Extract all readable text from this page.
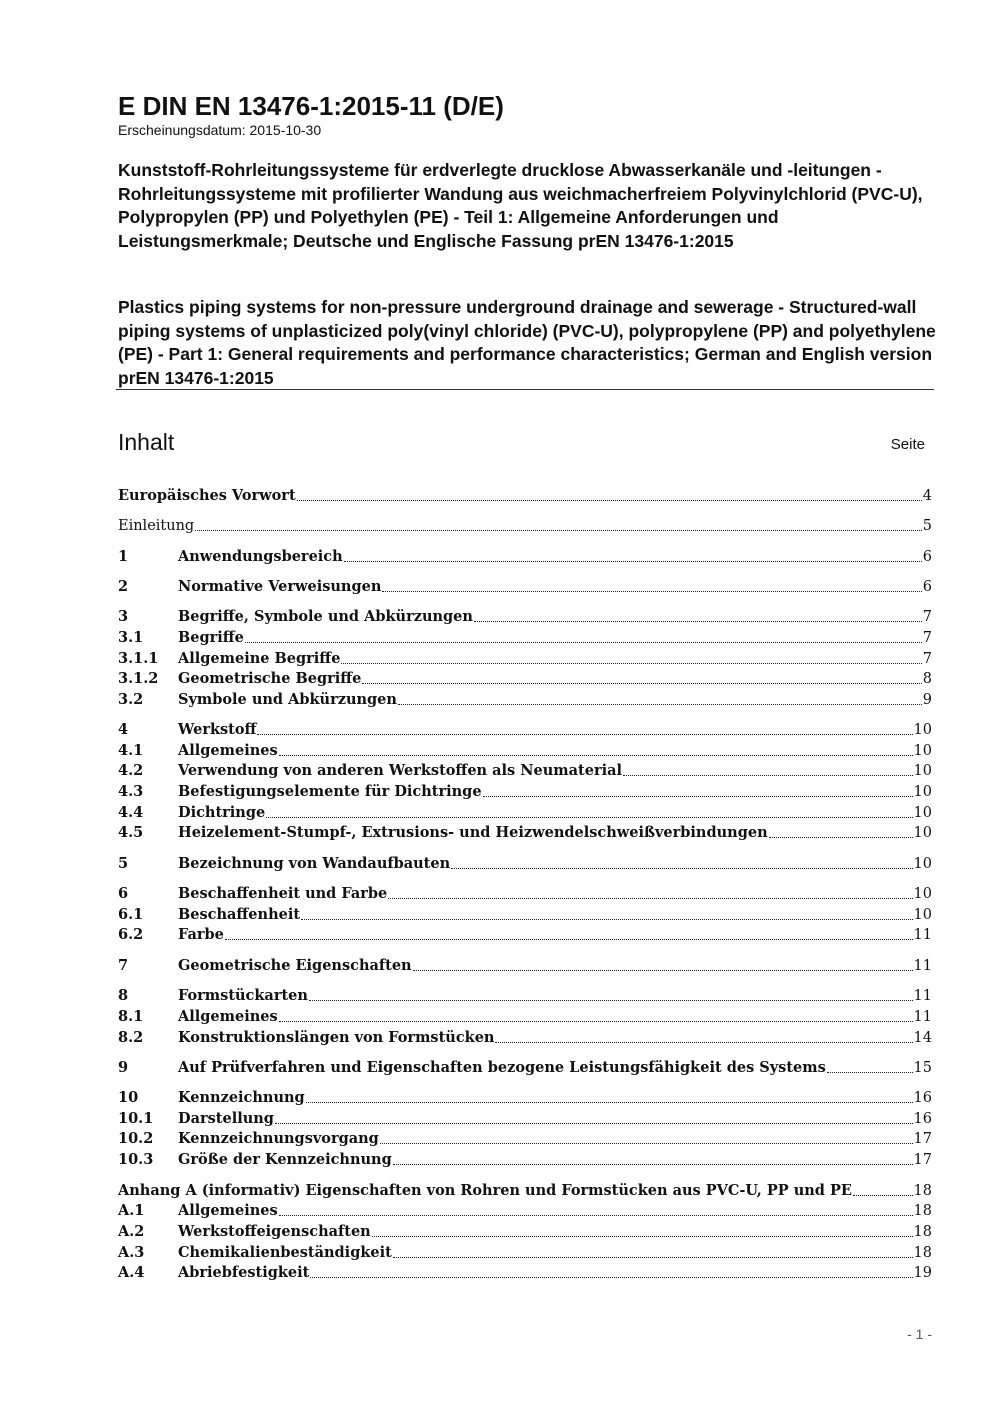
E DIN EN 13476-1:2015-11 (D/E)
Erscheinungsdatum: 2015-10-30

Kunststoff-Rohrleitungssysteme für erdverlegte drucklose Abwasserkanäle und -leitungen - Rohrleitungssysteme mit profilierter Wandung aus weichmacherfreiem Polyvinylchlorid (PVC-U), Polypropylen (PP) und Polyethylen (PE) - Teil 1: Allgemeine Anforderungen und Leistungsmerkmale; Deutsche und Englische Fassung prEN 13476-1:2015

Plastics piping systems for non-pressure underground drainage and sewerage - Structured-wall piping systems of unplasticized poly(vinyl chloride) (PVC-U), polypropylene (PP) and polyethylene (PE) - Part 1: General requirements and performance characteristics; German and English version prEN 13476-1:2015

Inhalt	Seite
Europäisches Vorwort	4
Einleitung	5
1	Anwendungsbereich	6
2	Normative Verweisungen	6
3	Begriffe, Symbole und Abkürzungen	7
3.1	Begriffe	7
3.1.1	Allgemeine Begriffe	7
3.1.2	Geometrische Begriffe	8
3.2	Symbole und Abkürzungen	9
4	Werkstoff	10
4.1	Allgemeines	10
4.2	Verwendung von anderen Werkstoffen als Neumaterial	10
4.3	Befestigungselemente für Dichtringe	10
4.4	Dichtringe	10
4.5	Heizelement-Stumpf-, Extrusions- und Heizwendelschweißverbindungen	10
5	Bezeichnung von Wandaufbauten	10
6	Beschaffenheit und Farbe	10
6.1	Beschaffenheit	10
6.2	Farbe	11
7	Geometrische Eigenschaften	11
8	Formstückarten	11
8.1	Allgemeines	11
8.2	Konstruktionslängen von Formstücken	14
9	Auf Prüfverfahren und Eigenschaften bezogene Leistungsfähigkeit des Systems	15
10	Kennzeichnung	16
10.1	Darstellung	16
10.2	Kennzeichnungsvorgang	17
10.3	Größe der Kennzeichnung	17
Anhang A (informativ) Eigenschaften von Rohren und Formstücken aus PVC-U, PP und PE	18
A.1	Allgemeines	18
A.2	Werkstoffeigenschaften	18
A.3	Chemikalienbeständigkeit	18
A.4	Abriebfestigkeit	19
- 1 -
